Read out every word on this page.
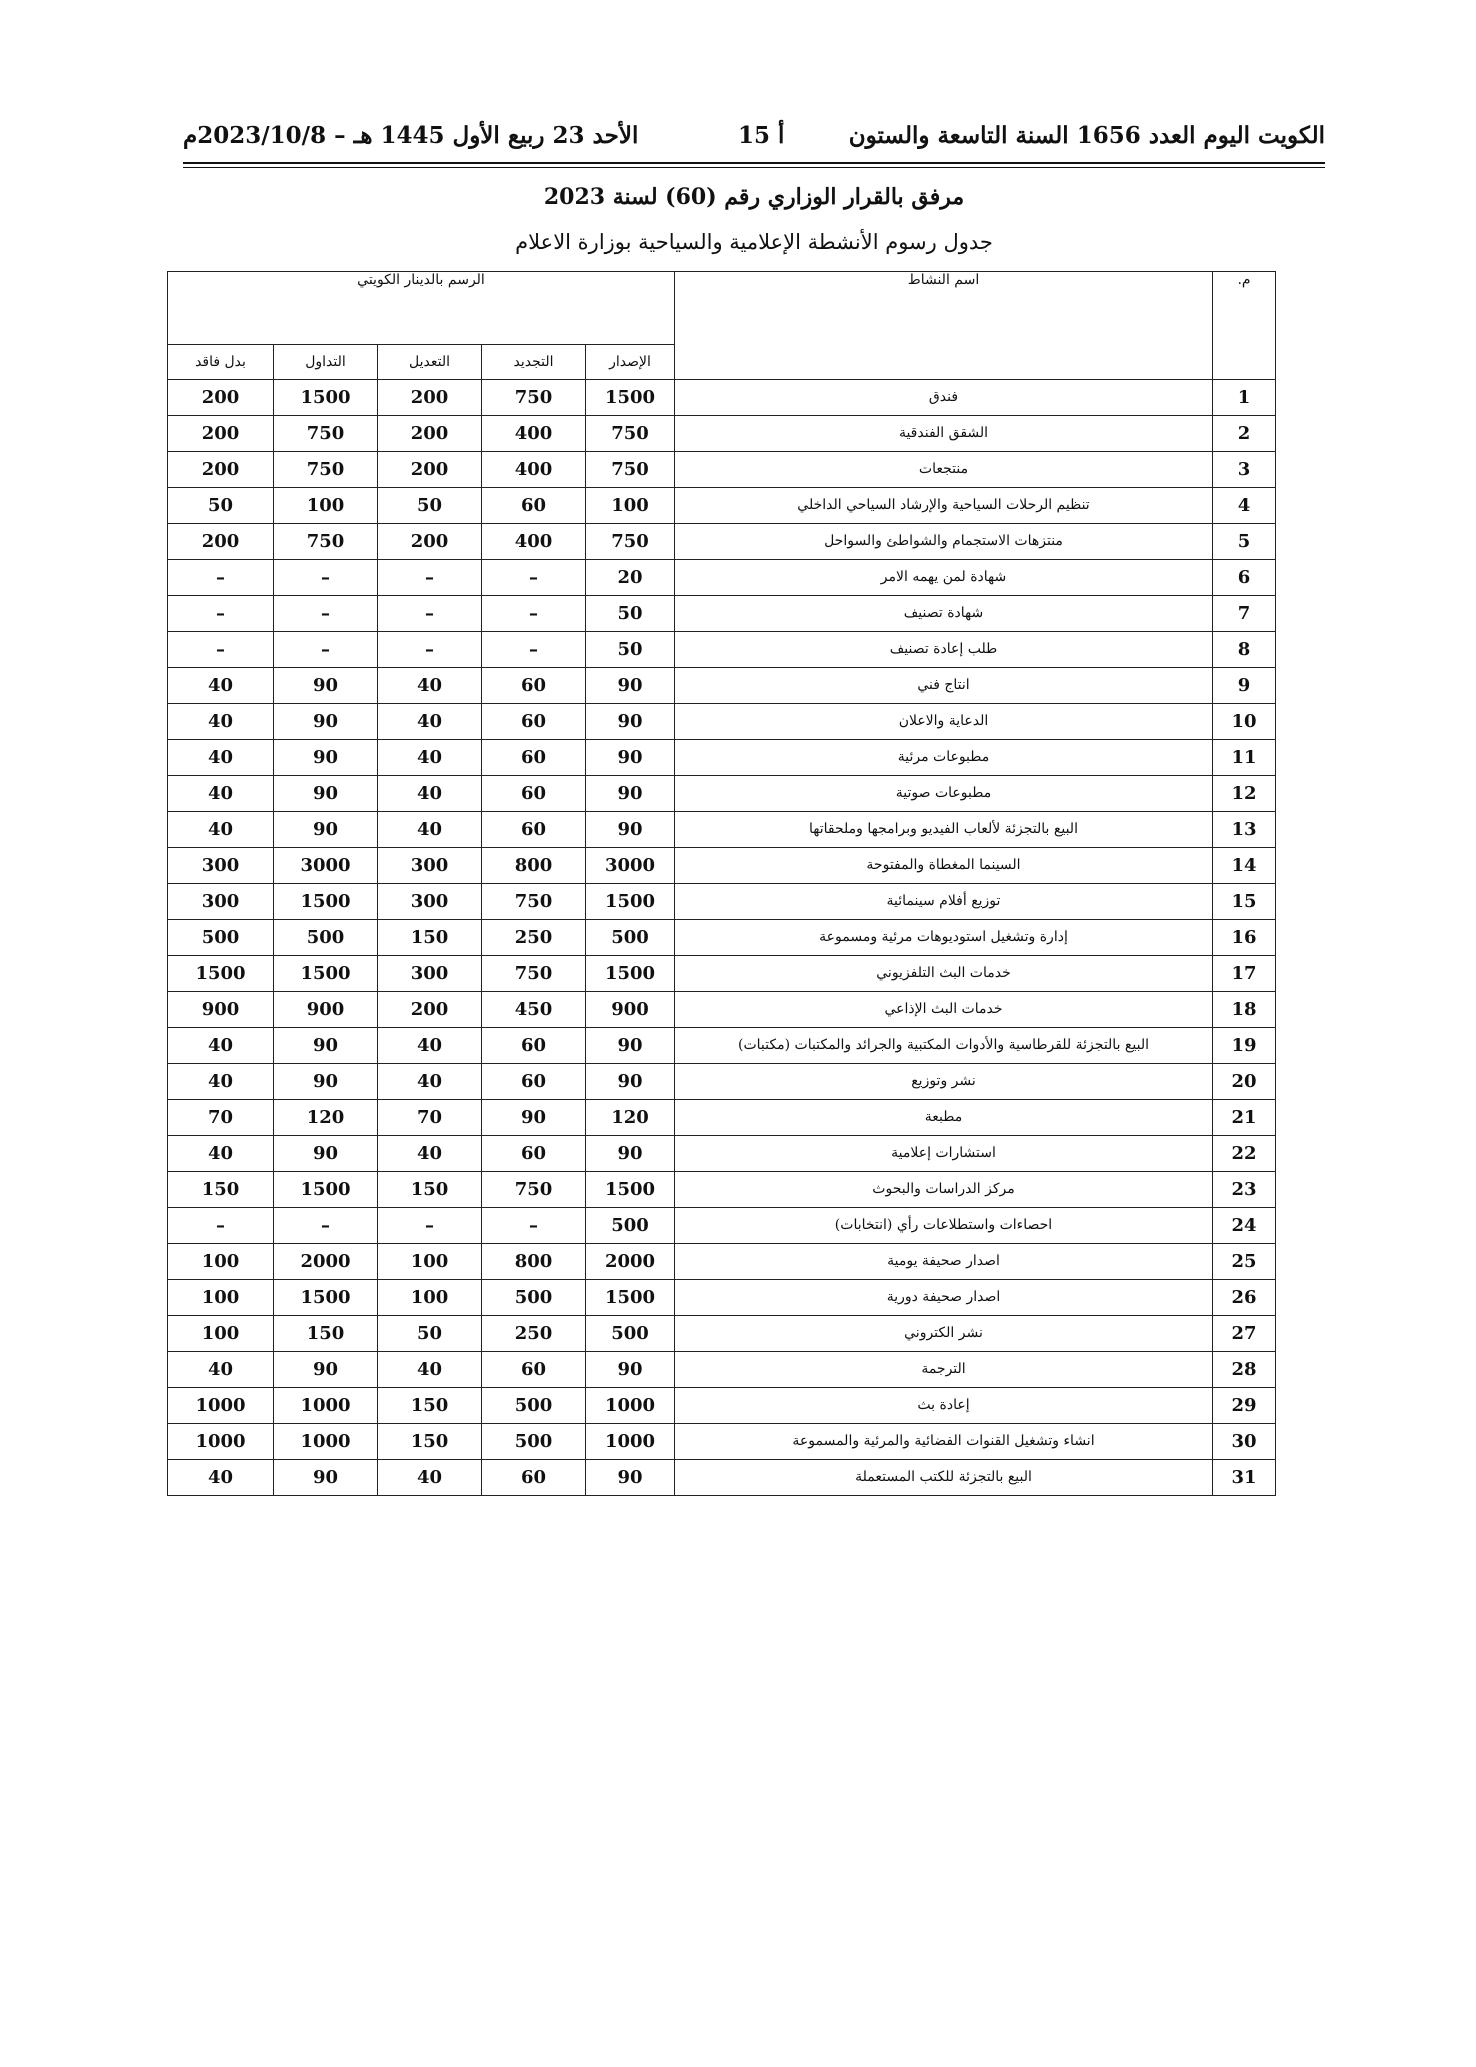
الكويت اليوم العدد 1656 السنة التاسعة والستون
أ 15
الأحد 23 ربيع الأول 1445 هـ – 2023/10/8م
مرفق بالقرار الوزاري رقم (60) لسنة 2023
جدول رسوم الأنشطة الإعلامية والسياحية بوزارة الاعلام
م.	اسم النشاط	الرسم بالدينار الكويتي				
		الإصدار	التجديد	التعديل	التداول	بدل فاقد
1	فندق	1500	750	200	1500	200
2	الشقق الفندقية	750	400	200	750	200
3	منتجعات	750	400	200	750	200
4	تنظيم الرحلات السياحية والإرشاد السياحي الداخلي	100	60	50	100	50
5	منتزهات الاستجمام والشواطئ والسواحل	750	400	200	750	200
6	شهادة لمن يهمه الامر	20	–	–	–	–
7	شهادة تصنيف	50	–	–	–	–
8	طلب إعادة تصنيف	50	–	–	–	–
9	انتاج فني	90	60	40	90	40
10	الدعاية والاعلان	90	60	40	90	40
11	مطبوعات مرئية	90	60	40	90	40
12	مطبوعات صوتية	90	60	40	90	40
13	البيع بالتجزئة لألعاب الفيديو وبرامجها وملحقاتها	90	60	40	90	40
14	السينما المغطاة والمفتوحة	3000	800	300	3000	300
15	توزيع أفلام سينمائية	1500	750	300	1500	300
16	إدارة وتشغيل استوديوهات مرئية ومسموعة	500	250	150	500	500
17	خدمات البث التلفزيوني	1500	750	300	1500	1500
18	خدمات البث الإذاعي	900	450	200	900	900
19	البيع بالتجزئة للقرطاسية والأدوات المكتبية والجرائد والمكتبات (مكتبات)	90	60	40	90	40
20	نشر وتوزيع	90	60	40	90	40
21	مطبعة	120	90	70	120	70
22	استشارات إعلامية	90	60	40	90	40
23	مركز الدراسات والبحوث	1500	750	150	1500	150
24	احصاءات واستطلاعات رأي (انتخابات)	500	–	–	–	–
25	اصدار صحيفة يومية	2000	800	100	2000	100
26	اصدار صحيفة دورية	1500	500	100	1500	100
27	نشر الكتروني	500	250	50	150	100
28	الترجمة	90	60	40	90	40
29	إعادة بث	1000	500	150	1000	1000
30	انشاء وتشغيل القنوات الفضائية والمرئية والمسموعة	1000	500	150	1000	1000
31	البيع بالتجزئة للكتب المستعملة	90	60	40	90	40
